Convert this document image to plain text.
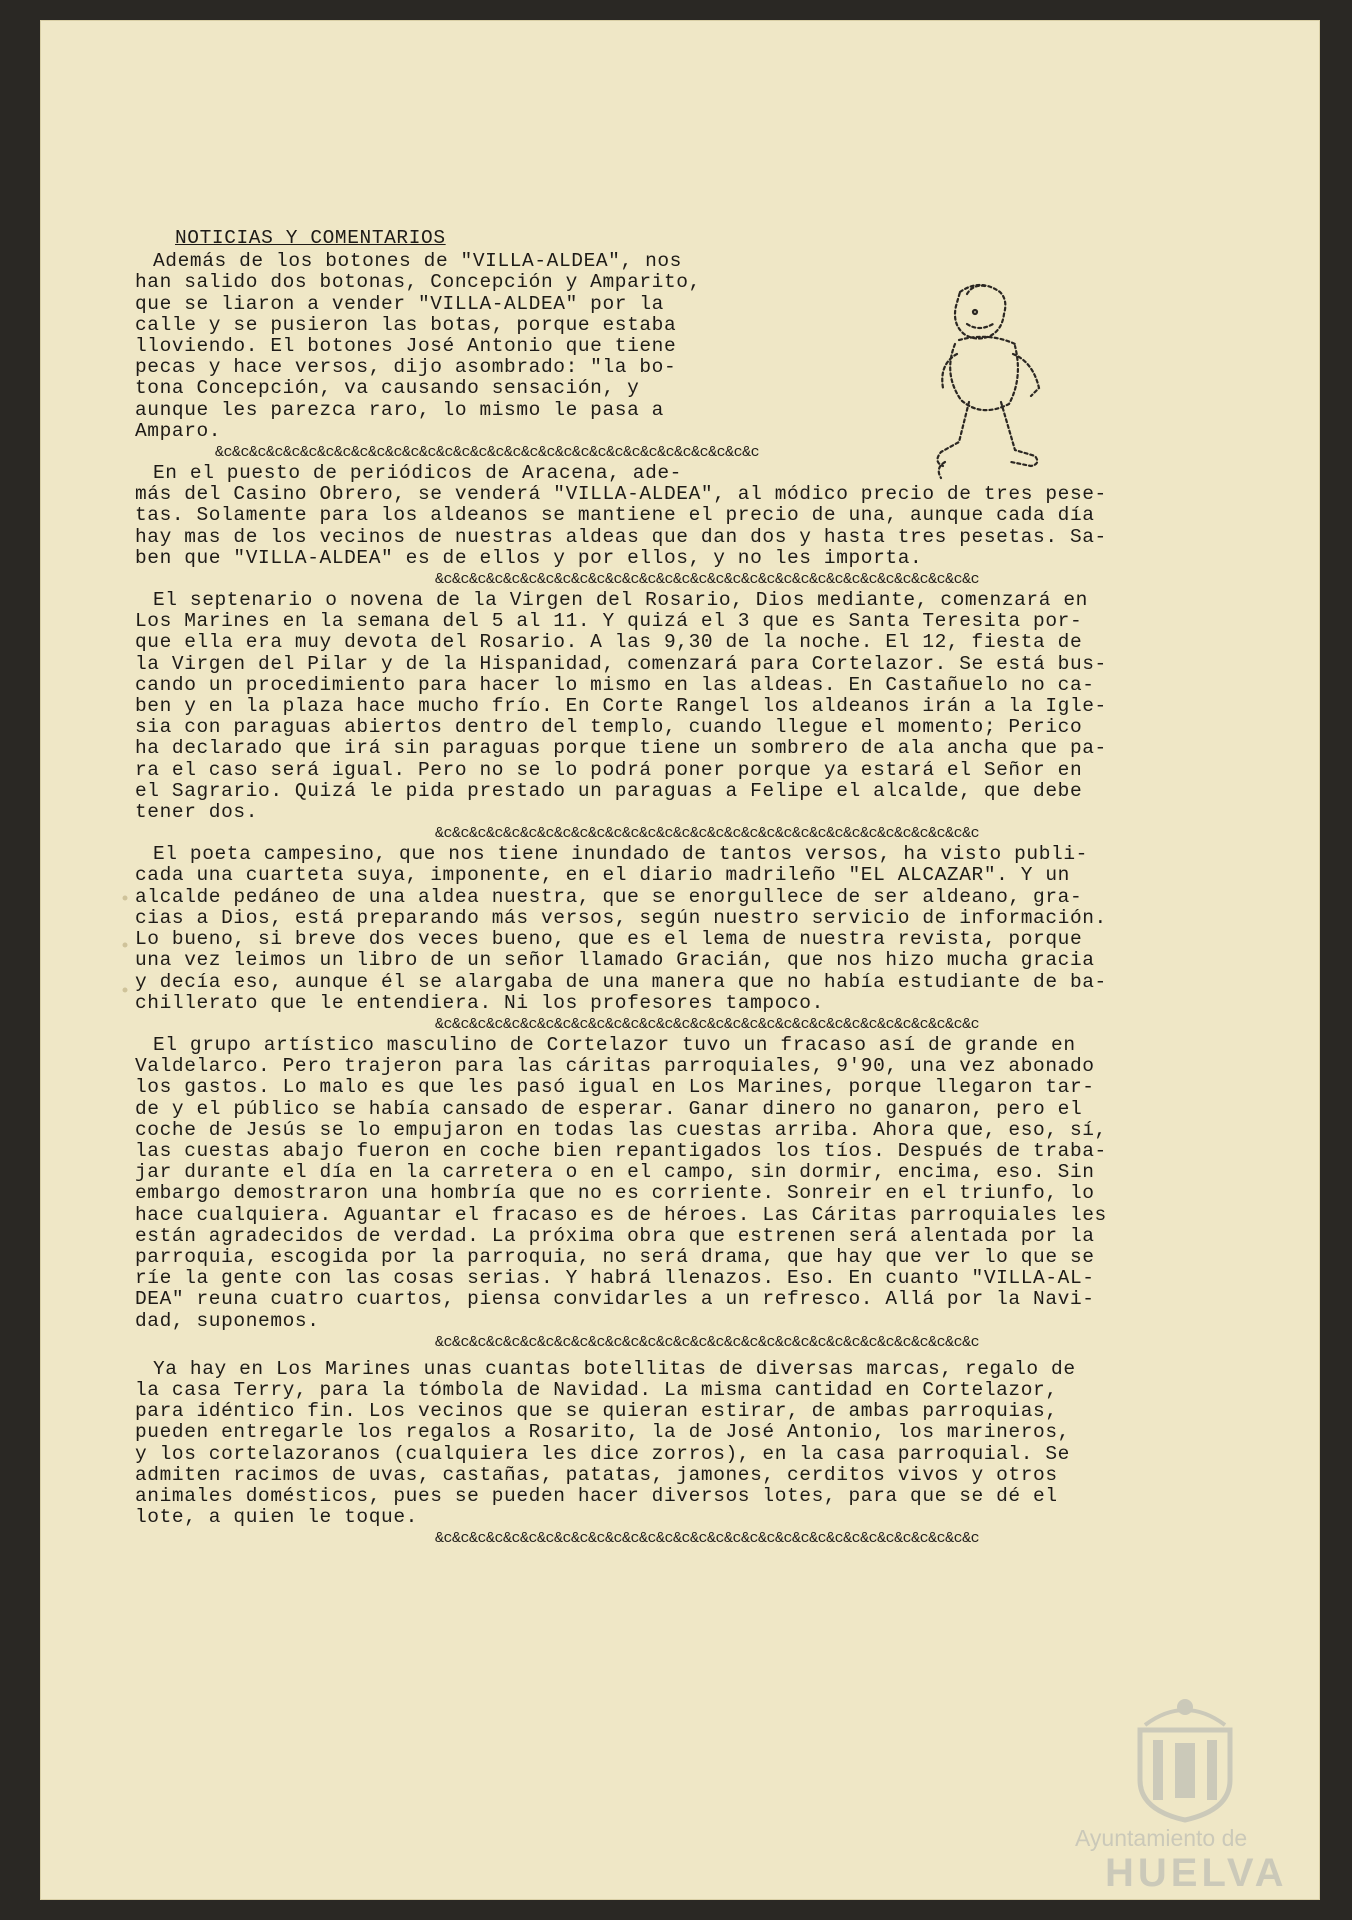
NOTICIAS Y COMENTARIOS
Además de los botones de "VILLA-ALDEA", nos
han salido dos botonas, Concepción y Amparito,
que se liaron a vender "VILLA-ALDEA" por la
calle y se pusieron las botas, porque estaba
lloviendo. El botones José Antonio que tiene
pecas y hace versos, dijo asombrado: "la bo-
tona Concepción, va causando sensación, y
aunque les parezca raro, lo mismo le pasa a
Amparo.
&c&c&c&c&c&c&c&c&c&c&c&c&c&c&c&c&c&c&c&c&c&c&c&c&c&c&c&c&c&c&c&c
En el puesto de periódicos de Aracena, ade-
más del Casino Obrero, se venderá "VILLA-ALDEA", al módico precio de tres pese-
tas. Solamente para los aldeanos se mantiene el precio de una, aunque cada día
hay mas de los vecinos de nuestras aldeas que dan dos y hasta tres pesetas. Sa-
ben que "VILLA-ALDEA" es de ellos y por ellos, y no les importa.
&c&c&c&c&c&c&c&c&c&c&c&c&c&c&c&c&c&c&c&c&c&c&c&c&c&c&c&c&c&c&c&c
El septenario o novena de la Virgen del Rosario, Dios mediante, comenzará en
Los Marines en la semana del 5 al 11. Y quizá el 3 que es Santa Teresita por-
que ella era muy devota del Rosario. A las 9,30 de la noche. El 12, fiesta de
la Virgen del Pilar y de la Hispanidad, comenzará para Cortelazor. Se está bus-
cando un procedimiento para hacer lo mismo en las aldeas. En Castañuelo no ca-
ben y en la plaza hace mucho frío. En Corte Rangel los aldeanos irán a la Igle-
sia con paraguas abiertos dentro del templo, cuando llegue el momento; Perico
ha declarado que irá sin paraguas porque tiene un sombrero de ala ancha que pa-
ra el caso será igual. Pero no se lo podrá poner porque ya estará el Señor en
el Sagrario. Quizá le pida prestado un paraguas a Felipe el alcalde, que debe
tener dos.
&c&c&c&c&c&c&c&c&c&c&c&c&c&c&c&c&c&c&c&c&c&c&c&c&c&c&c&c&c&c&c&c
El poeta campesino, que nos tiene inundado de tantos versos, ha visto publi-
cada una cuarteta suya, imponente, en el diario madrileño "EL ALCAZAR". Y un
alcalde pedáneo de una aldea nuestra, que se enorgullece de ser aldeano, gra-
cias a Dios, está preparando más versos, según nuestro servicio de información.
Lo bueno, si breve dos veces bueno, que es el lema de nuestra revista, porque
una vez leimos un libro de un señor llamado Gracián, que nos hizo mucha gracia
y decía eso, aunque él se alargaba de una manera que no había estudiante de ba-
chillerato que le entendiera. Ni los profesores tampoco.
&c&c&c&c&c&c&c&c&c&c&c&c&c&c&c&c&c&c&c&c&c&c&c&c&c&c&c&c&c&c&c&c
El grupo artístico masculino de Cortelazor tuvo un fracaso así de grande en
Valdelarco. Pero trajeron para las cáritas parroquiales, 9'90, una vez abonado
los gastos. Lo malo es que les pasó igual en Los Marines, porque llegaron tar-
de y el público se había cansado de esperar. Ganar dinero no ganaron, pero el
coche de Jesús se lo empujaron en todas las cuestas arriba. Ahora que, eso, sí,
las cuestas abajo fueron en coche bien repantigados los tíos. Después de traba-
jar durante el día en la carretera o en el campo, sin dormir, encima, eso. Sin
embargo demostraron una hombría que no es corriente. Sonreir en el triunfo, lo
hace cualquiera. Aguantar el fracaso es de héroes. Las Cáritas parroquiales les
están agradecidos de verdad. La próxima obra que estrenen será alentada por la
parroquia, escogida por la parroquia, no será drama, que hay que ver lo que se
ríe la gente con las cosas serias. Y habrá llenazos. Eso. En cuanto "VILLA-AL-
DEA" reuna cuatro cuartos, piensa convidarles a un refresco. Allá por la Navi-
dad, suponemos.
&c&c&c&c&c&c&c&c&c&c&c&c&c&c&c&c&c&c&c&c&c&c&c&c&c&c&c&c&c&c&c&c
Ya hay en Los Marines unas cuantas botellitas de diversas marcas, regalo de
la casa Terry, para la tómbola de Navidad. La misma cantidad en Cortelazor,
para idéntico fin. Los vecinos que se quieran estirar, de ambas parroquias,
pueden entregarle los regalos a Rosarito, la de José Antonio, los marineros,
y los cortelazoranos (cualquiera les dice zorros), en la casa parroquial. Se
admiten racimos de uvas, castañas, patatas, jamones, cerditos vivos y otros
animales domésticos, pues se pueden hacer diversos lotes, para que se dé el
lote, a quien le toque.
&c&c&c&c&c&c&c&c&c&c&c&c&c&c&c&c&c&c&c&c&c&c&c&c&c&c&c&c&c&c&c&c
Ayuntamiento de
HUELVA
